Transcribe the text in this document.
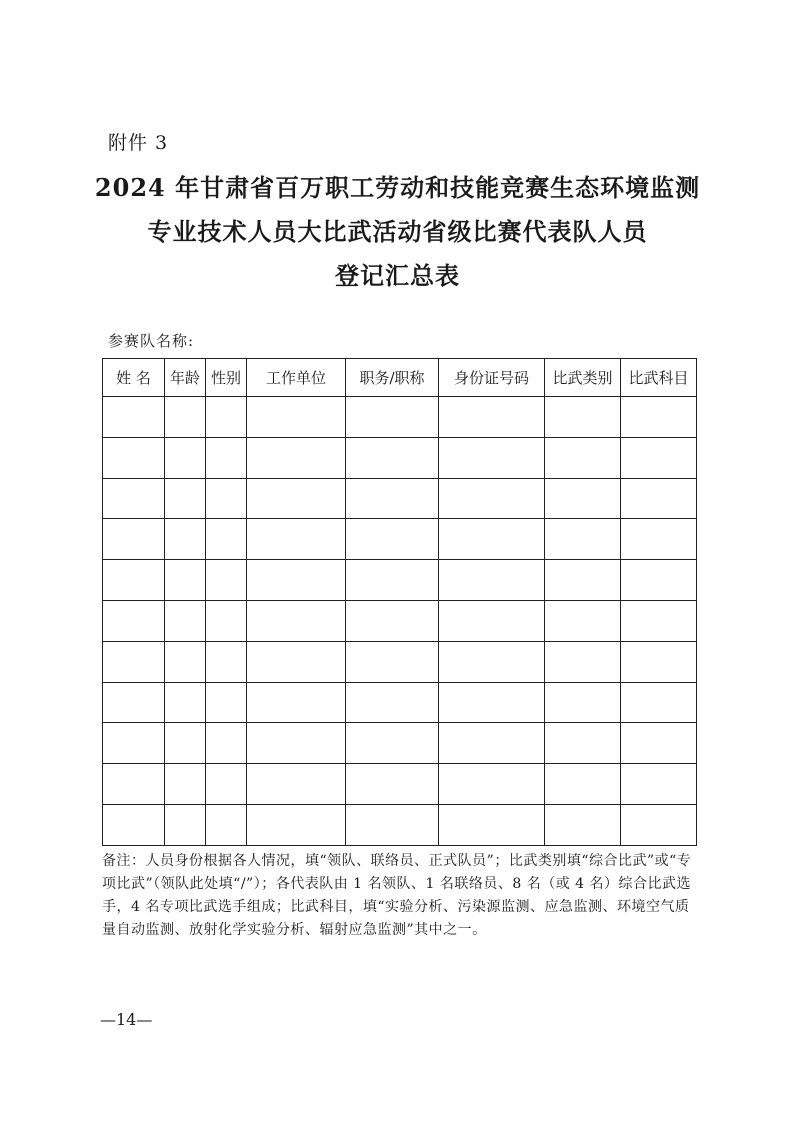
附件 3
2024 年甘肃省百万职工劳动和技能竞赛生态环境监测
专业技术人员大比武活动省级比赛代表队人员
登记汇总表
参赛队名称:
姓 名	年龄	性别	工作单位	职务/职称	身份证号码	比武类别	比武科目

备注：人员身份根据各人情况，填“领队、联络员、正式队员”；比武类别填“综合比武”或“专项比武”（领队此处填“/”）；各代表队由 1 名领队、1 名联络员、8 名（或 4 名）综合比武选手，4 名专项比武选手组成；比武科目，填“实验分析、污染源监测、应急监测、环境空气质量自动监测、放射化学实验分析、辐射应急监测”其中之一。
—14—
